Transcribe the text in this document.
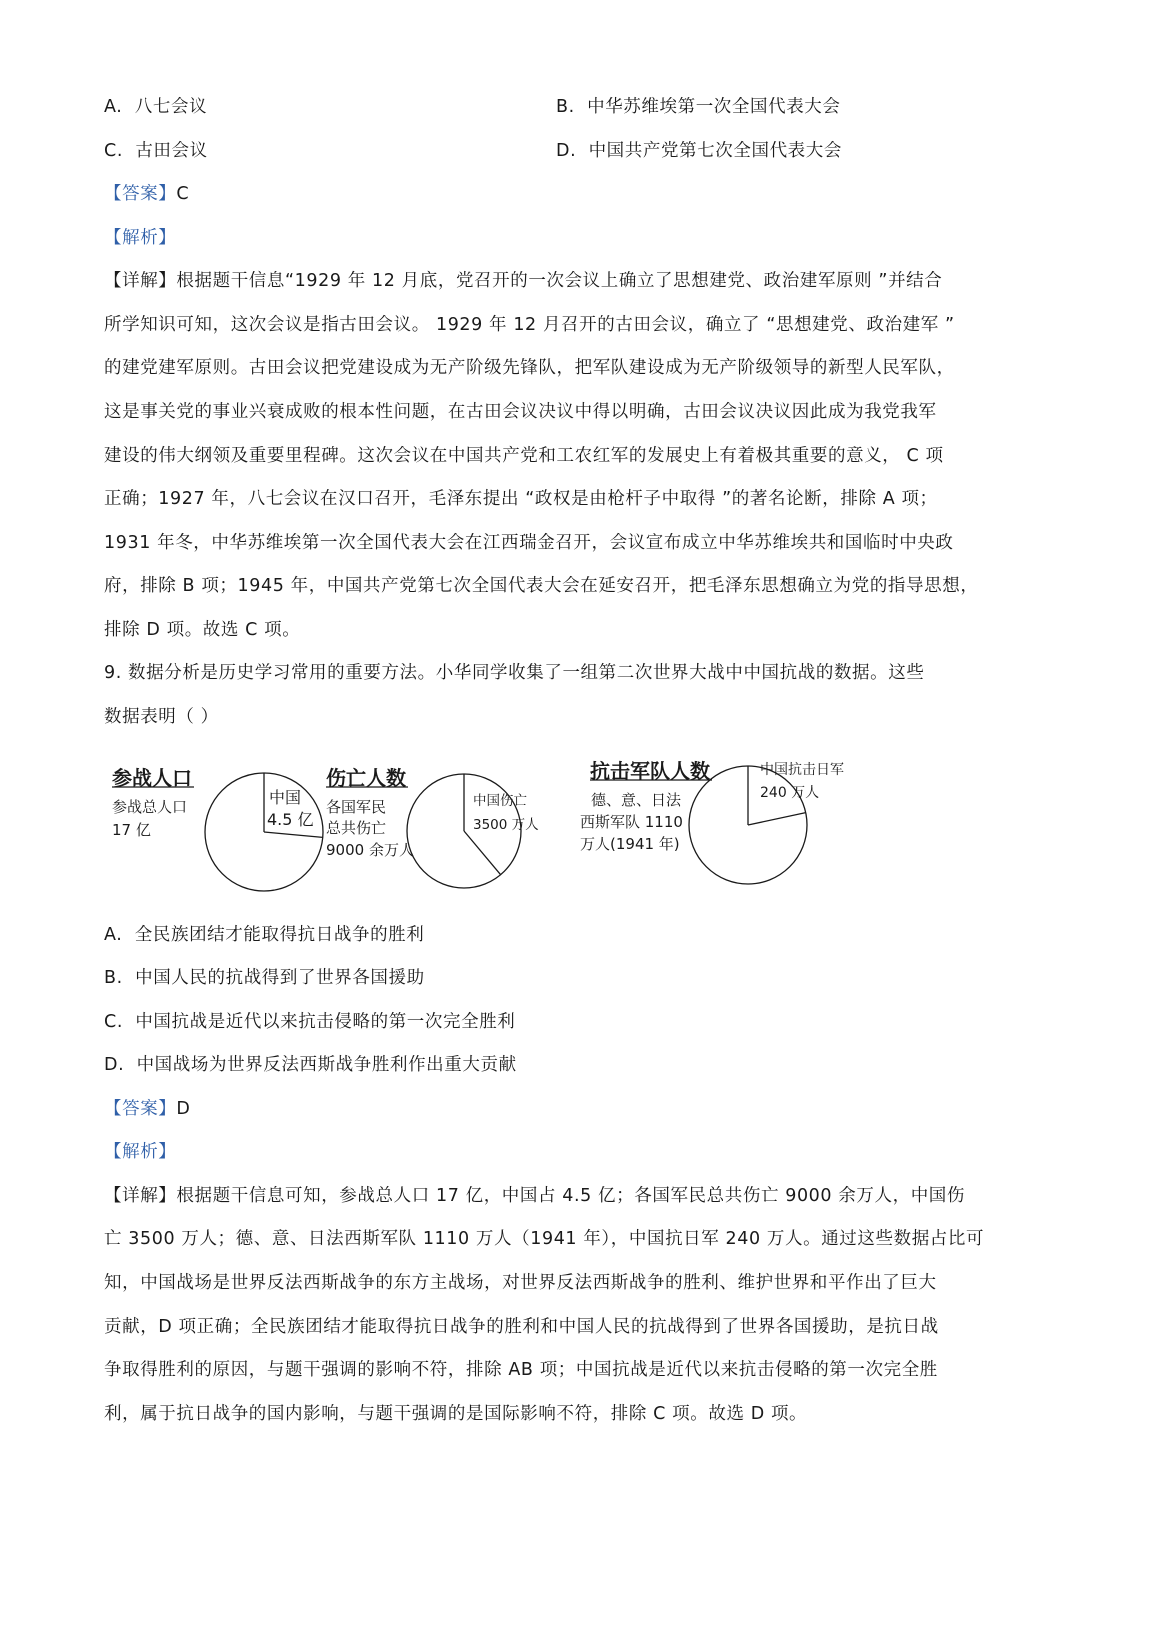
A. 八七会议	B. 中华苏维埃第一次全国代表大会
C. 古田会议	D. 中国共产党第七次全国代表大会
【答案】C
【解析】
【详解】根据题干信息“1929 年 12 月底，党召开的一次会议上确立了思想建党、政治建军原则 ”并结合
所学知识可知，这次会议是指古田会议。 1929 年 12 月召开的古田会议，确立了 “思想建党、政治建军 ”
的建党建军原则。古田会议把党建设成为无产阶级先锋队，把军队建设成为无产阶级领导的新型人民军队，
这是事关党的事业兴衰成败的根本性问题，在古田会议决议中得以明确，古田会议决议因此成为我党我军
建设的伟大纲领及重要里程碑。这次会议在中国共产党和工农红军的发展史上有着极其重要的意义， C 项
正确；1927 年，八七会议在汉口召开，毛泽东提出 “政权是由枪杆子中取得 ”的著名论断，排除 A 项；
1931 年冬，中华苏维埃第一次全国代表大会在江西瑞金召开，会议宣布成立中华苏维埃共和国临时中央政
府，排除 B 项；1945 年，中国共产党第七次全国代表大会在延安召开，把毛泽东思想确立为党的指导思想，
排除 D 项。故选 C 项。
9. 数据分析是历史学习常用的重要方法。小华同学收集了一组第二次世界大战中中国抗战的数据。这些
数据表明（ ）
参战人口
参战总人口
17 亿
中国
4.5 亿
伤亡人数
各国军民
总共伤亡
9000 余万人
中国伤亡
3500 万人
抗击军队人数
德、意、日法
西斯军队 1110
万人(1941 年)
中国抗击日军
240 万人
A. 全民族团结才能取得抗日战争的胜利
B. 中国人民的抗战得到了世界各国援助
C. 中国抗战是近代以来抗击侵略的第一次完全胜利
D. 中国战场为世界反法西斯战争胜利作出重大贡献
【答案】D
【解析】
【详解】根据题干信息可知，参战总人口 17 亿，中国占 4.5 亿；各国军民总共伤亡 9000 余万人，中国伤
亡 3500 万人；德、意、日法西斯军队 1110 万人（1941 年），中国抗日军 240 万人。通过这些数据占比可
知，中国战场是世界反法西斯战争的东方主战场，对世界反法西斯战争的胜利、维护世界和平作出了巨大
贡献，D 项正确；全民族团结才能取得抗日战争的胜利和中国人民的抗战得到了世界各国援助，是抗日战
争取得胜利的原因，与题干强调的影响不符，排除 AB 项；中国抗战是近代以来抗击侵略的第一次完全胜
利，属于抗日战争的国内影响，与题干强调的是国际影响不符，排除 C 项。故选 D 项。
